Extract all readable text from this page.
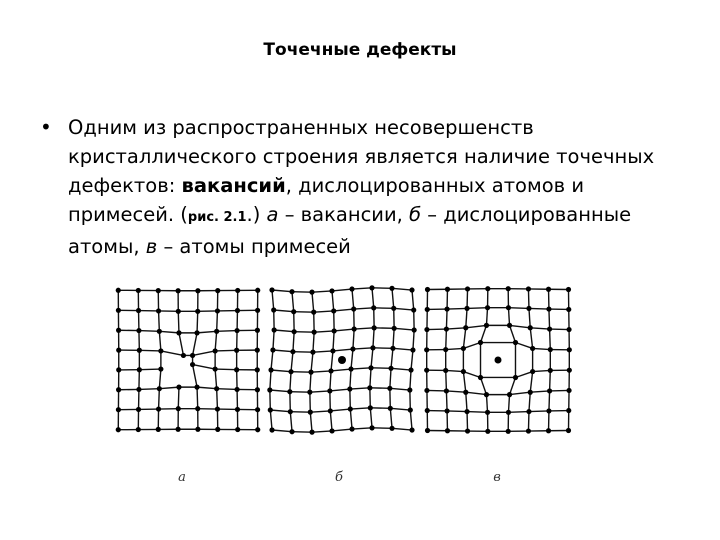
Точечные дефекты
• Одним из распространенных несовершенств кристаллического строения является наличие точечных дефектов: вакансий, дислоцированных атомов и примесей. (рис. 2.1.) а – вакансии, б – дислоцированные атомы, в – атомы примесей
а	б	в
